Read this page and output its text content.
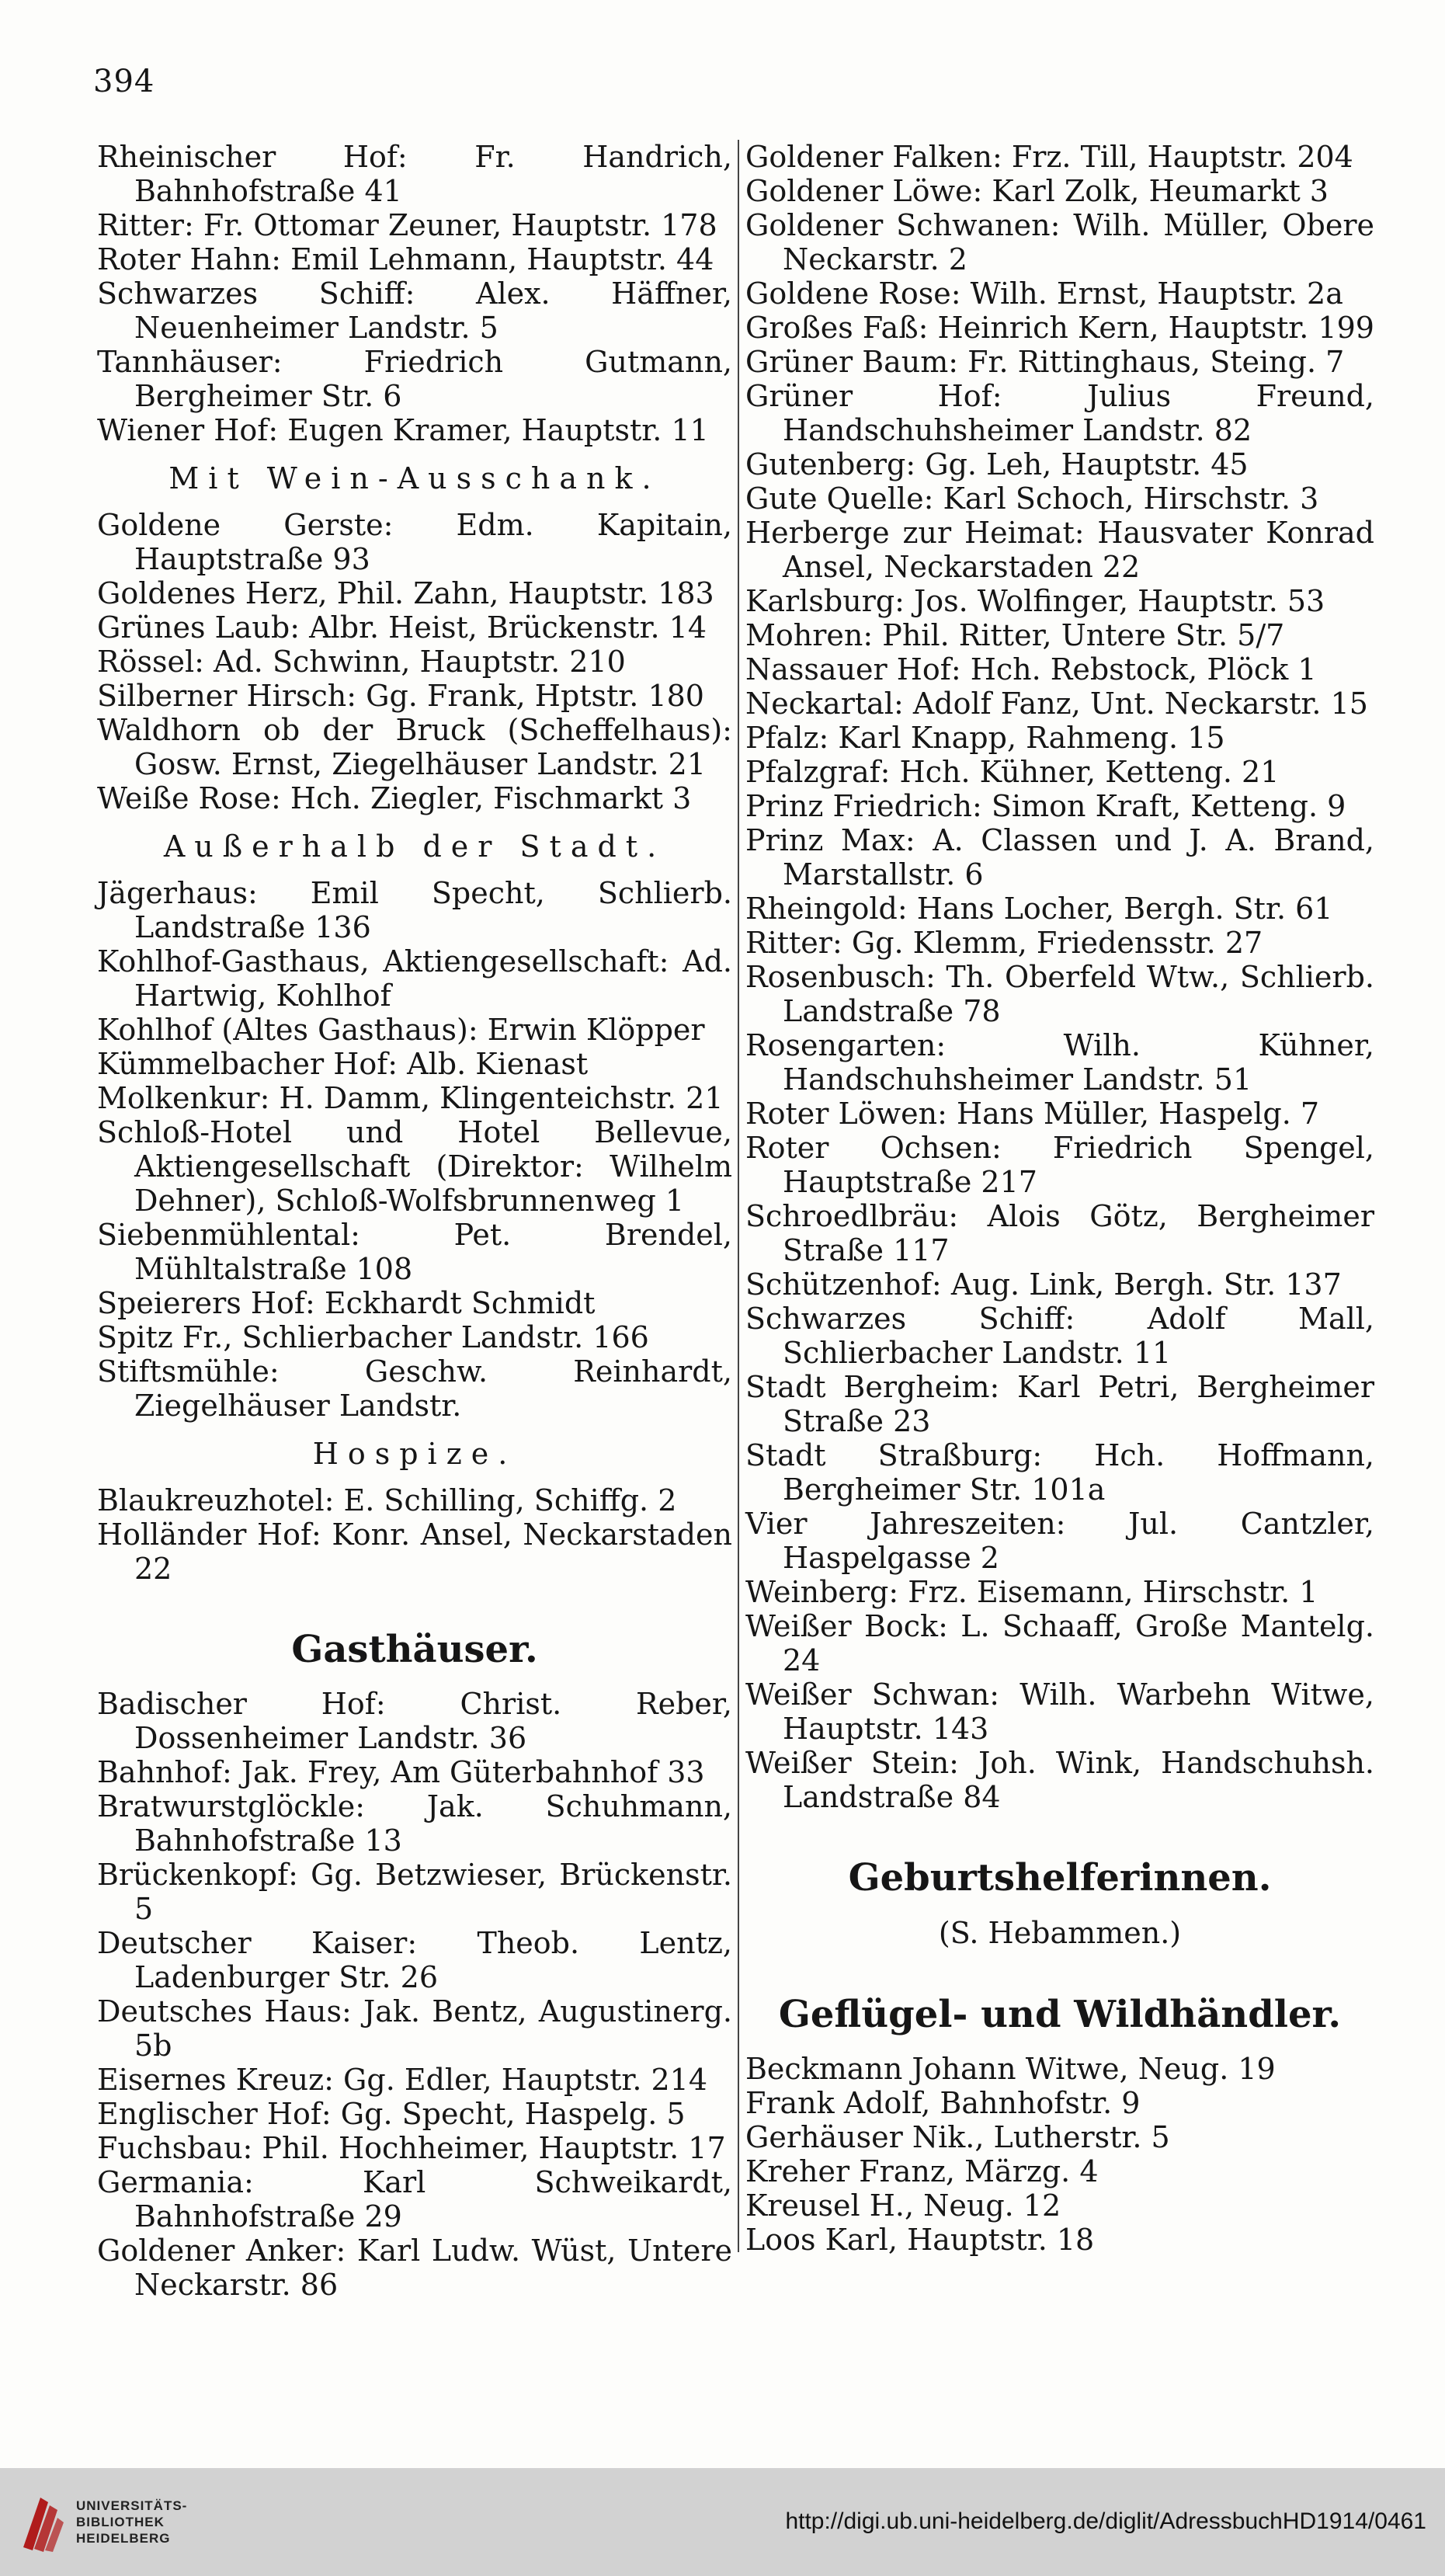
394
Rheinischer Hof: Fr. Handrich, Bahnhofstraße 41
Ritter: Fr. Ottomar Zeuner, Hauptstr. 178
Roter Hahn: Emil Lehmann, Hauptstr. 44
Schwarzes Schiff: Alex. Häffner, Neuenheimer Landstr. 5
Tannhäuser: Friedrich Gutmann, Bergheimer Str. 6
Wiener Hof: Eugen Kramer, Hauptstr. 11
Mit Wein-Ausschank.
Goldene Gerste: Edm. Kapitain, Hauptstraße 93
Goldenes Herz, Phil. Zahn, Hauptstr. 183
Grünes Laub: Albr. Heist, Brückenstr. 14
Rössel: Ad. Schwinn, Hauptstr. 210
Silberner Hirsch: Gg. Frank, Hptstr. 180
Waldhorn ob der Bruck (Scheffelhaus): Gosw. Ernst, Ziegelhäuser Landstr. 21
Weiße Rose: Hch. Ziegler, Fischmarkt 3
Außerhalb der Stadt.
Jägerhaus: Emil Specht, Schlierb. Landstraße 136
Kohlhof-Gasthaus, Aktiengesellschaft: Ad. Hartwig, Kohlhof
Kohlhof (Altes Gasthaus): Erwin Klöpper
Kümmelbacher Hof: Alb. Kienast
Molkenkur: H. Damm, Klingenteichstr. 21
Schloß-Hotel und Hotel Bellevue, Aktiengesellschaft (Direktor: Wilhelm Dehner), Schloß-Wolfsbrunnenweg 1
Siebenmühlental: Pet. Brendel, Mühltalstraße 108
Speierers Hof: Eckhardt Schmidt
Spitz Fr., Schlierbacher Landstr. 166
Stiftsmühle: Geschw. Reinhardt, Ziegelhäuser Landstr.
Hospize.
Blaukreuzhotel: E. Schilling, Schiffg. 2
Holländer Hof: Konr. Ansel, Neckarstaden 22
Gasthäuser.
Badischer Hof: Christ. Reber, Dossenheimer Landstr. 36
Bahnhof: Jak. Frey, Am Güterbahnhof 33
Bratwurstglöckle: Jak. Schuhmann, Bahnhofstraße 13
Brückenkopf: Gg. Betzwieser, Brückenstr. 5
Deutscher Kaiser: Theob. Lentz, Ladenburger Str. 26
Deutsches Haus: Jak. Bentz, Augustinerg. 5b
Eisernes Kreuz: Gg. Edler, Hauptstr. 214
Englischer Hof: Gg. Specht, Haspelg. 5
Fuchsbau: Phil. Hochheimer, Hauptstr. 17
Germania: Karl Schweikardt, Bahnhofstraße 29
Goldener Anker: Karl Ludw. Wüst, Untere Neckarstr. 86
Goldener Falken: Frz. Till, Hauptstr. 204
Goldener Löwe: Karl Zolk, Heumarkt 3
Goldener Schwanen: Wilh. Müller, Obere Neckarstr. 2
Goldene Rose: Wilh. Ernst, Hauptstr. 2a
Großes Faß: Heinrich Kern, Hauptstr. 199
Grüner Baum: Fr. Rittinghaus, Steing. 7
Grüner Hof: Julius Freund, Handschuhsheimer Landstr. 82
Gutenberg: Gg. Leh, Hauptstr. 45
Gute Quelle: Karl Schoch, Hirschstr. 3
Herberge zur Heimat: Hausvater Konrad Ansel, Neckarstaden 22
Karlsburg: Jos. Wolfinger, Hauptstr. 53
Mohren: Phil. Ritter, Untere Str. 5/7
Nassauer Hof: Hch. Rebstock, Plöck 1
Neckartal: Adolf Fanz, Unt. Neckarstr. 15
Pfalz: Karl Knapp, Rahmeng. 15
Pfalzgraf: Hch. Kühner, Ketteng. 21
Prinz Friedrich: Simon Kraft, Ketteng. 9
Prinz Max: A. Classen und J. A. Brand, Marstallstr. 6
Rheingold: Hans Locher, Bergh. Str. 61
Ritter: Gg. Klemm, Friedensstr. 27
Rosenbusch: Th. Oberfeld Wtw., Schlierb. Landstraße 78
Rosengarten: Wilh. Kühner, Handschuhsheimer Landstr. 51
Roter Löwen: Hans Müller, Haspelg. 7
Roter Ochsen: Friedrich Spengel, Hauptstraße 217
Schroedlbräu: Alois Götz, Bergheimer Straße 117
Schützenhof: Aug. Link, Bergh. Str. 137
Schwarzes Schiff: Adolf Mall, Schlierbacher Landstr. 11
Stadt Bergheim: Karl Petri, Bergheimer Straße 23
Stadt Straßburg: Hch. Hoffmann, Bergheimer Str. 101a
Vier Jahreszeiten: Jul. Cantzler, Haspelgasse 2
Weinberg: Frz. Eisemann, Hirschstr. 1
Weißer Bock: L. Schaaff, Große Mantelg. 24
Weißer Schwan: Wilh. Warbehn Witwe, Hauptstr. 143
Weißer Stein: Joh. Wink, Handschuhsh. Landstraße 84
Geburtshelferinnen.
(S. Hebammen.)
Geflügel- und Wildhändler.
Beckmann Johann Witwe, Neug. 19
Frank Adolf, Bahnhofstr. 9
Gerhäuser Nik., Lutherstr. 5
Kreher Franz, Märzg. 4
Kreusel H., Neug. 12
Loos Karl, Hauptstr. 18
UNIVERSITÄTS-
BIBLIOTHEK
HEIDELBERG
http://digi.ub.uni-heidelberg.de/diglit/AdressbuchHD1914/0461
